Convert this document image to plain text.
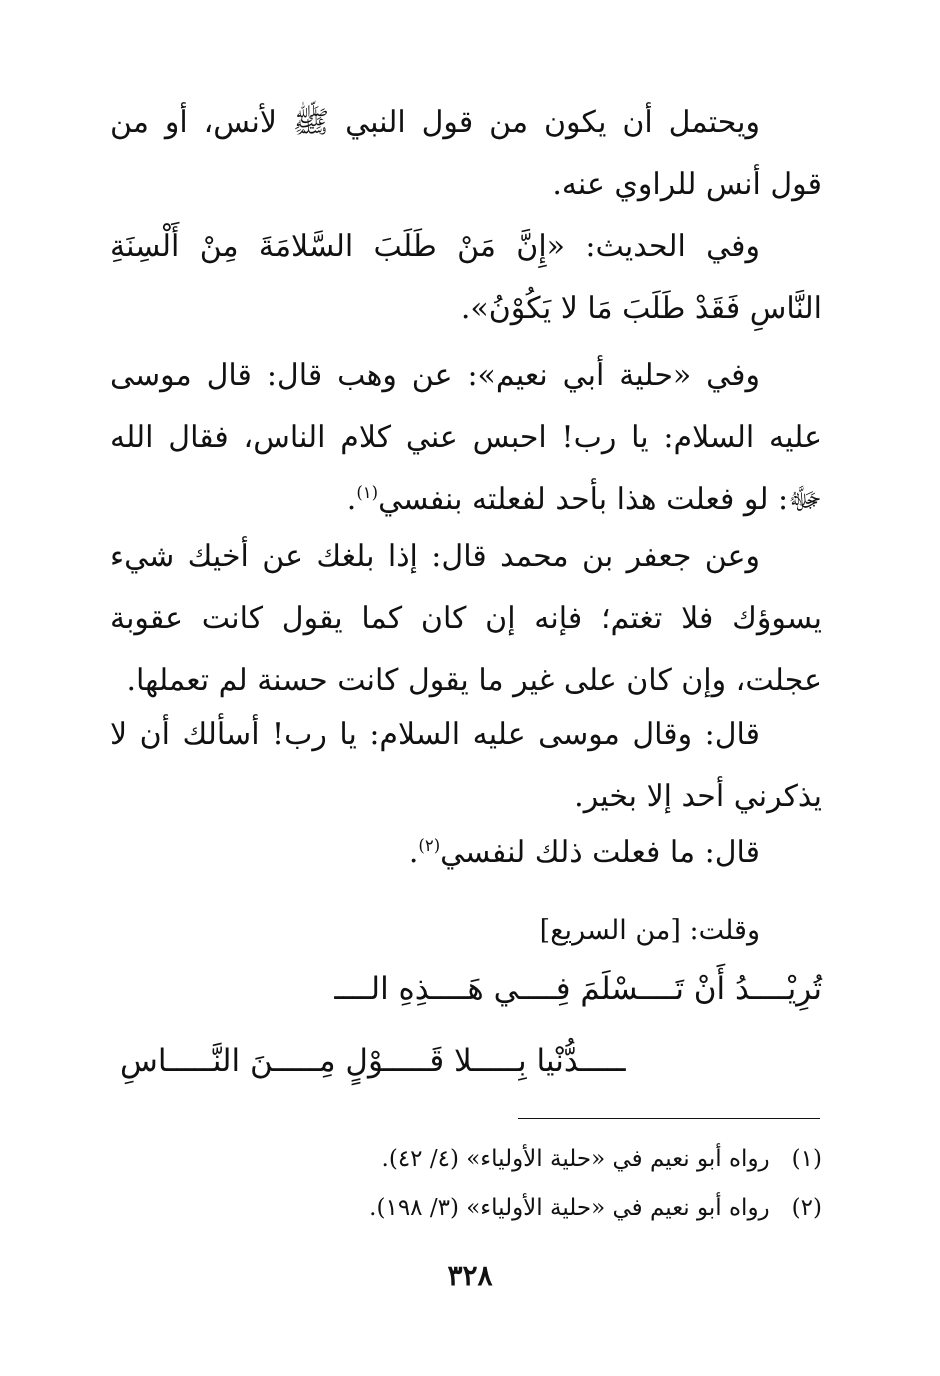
ويحتمل أن يكون من قول النبي ﷺ لأنس، أو من قول أنس للراوي عنه.
وفي الحديث: «إِنَّ مَنْ طَلَبَ السَّلامَةَ مِنْ أَلْسِنَةِ النَّاسِ فَقَدْ طَلَبَ مَا لا يَكُوْنُ».
وفي «حلية أبي نعيم»: عن وهب قال: قال موسى عليه السلام: يا رب! احبس عني كلام الناس، فقال الله ﷻ: لو فعلت هذا بأحد لفعلته بنفسي$^{(١)}$.
وعن جعفر بن محمد قال: إذا بلغك عن أخيك شيء يسوؤك فلا تغتم؛ فإنه إن كان كما يقول كانت عقوبة عجلت، وإن كان على غير ما يقول كانت حسنة لم تعملها.
قال: وقال موسى عليه السلام: يا رب! أسألك أن لا يذكرني أحد إلا بخير.
قال: ما فعلت ذلك لنفسي$^{(٢)}$.
وقلت: [من السريع]
تُرِيْــــدُ أَنْ تَــــسْلَمَ فِــــي هَــــذِهِ الــــ
ـــــدُّنْيا بِـــــلا قَـــــوْلٍ مِـــــنَ النَّـــــاسِ
(١)رواه أبو نعيم في «حلية الأولياء» (٤/ ٤٢).
(٢)رواه أبو نعيم في «حلية الأولياء» (٣/ ١٩٨).
٣٢٨
